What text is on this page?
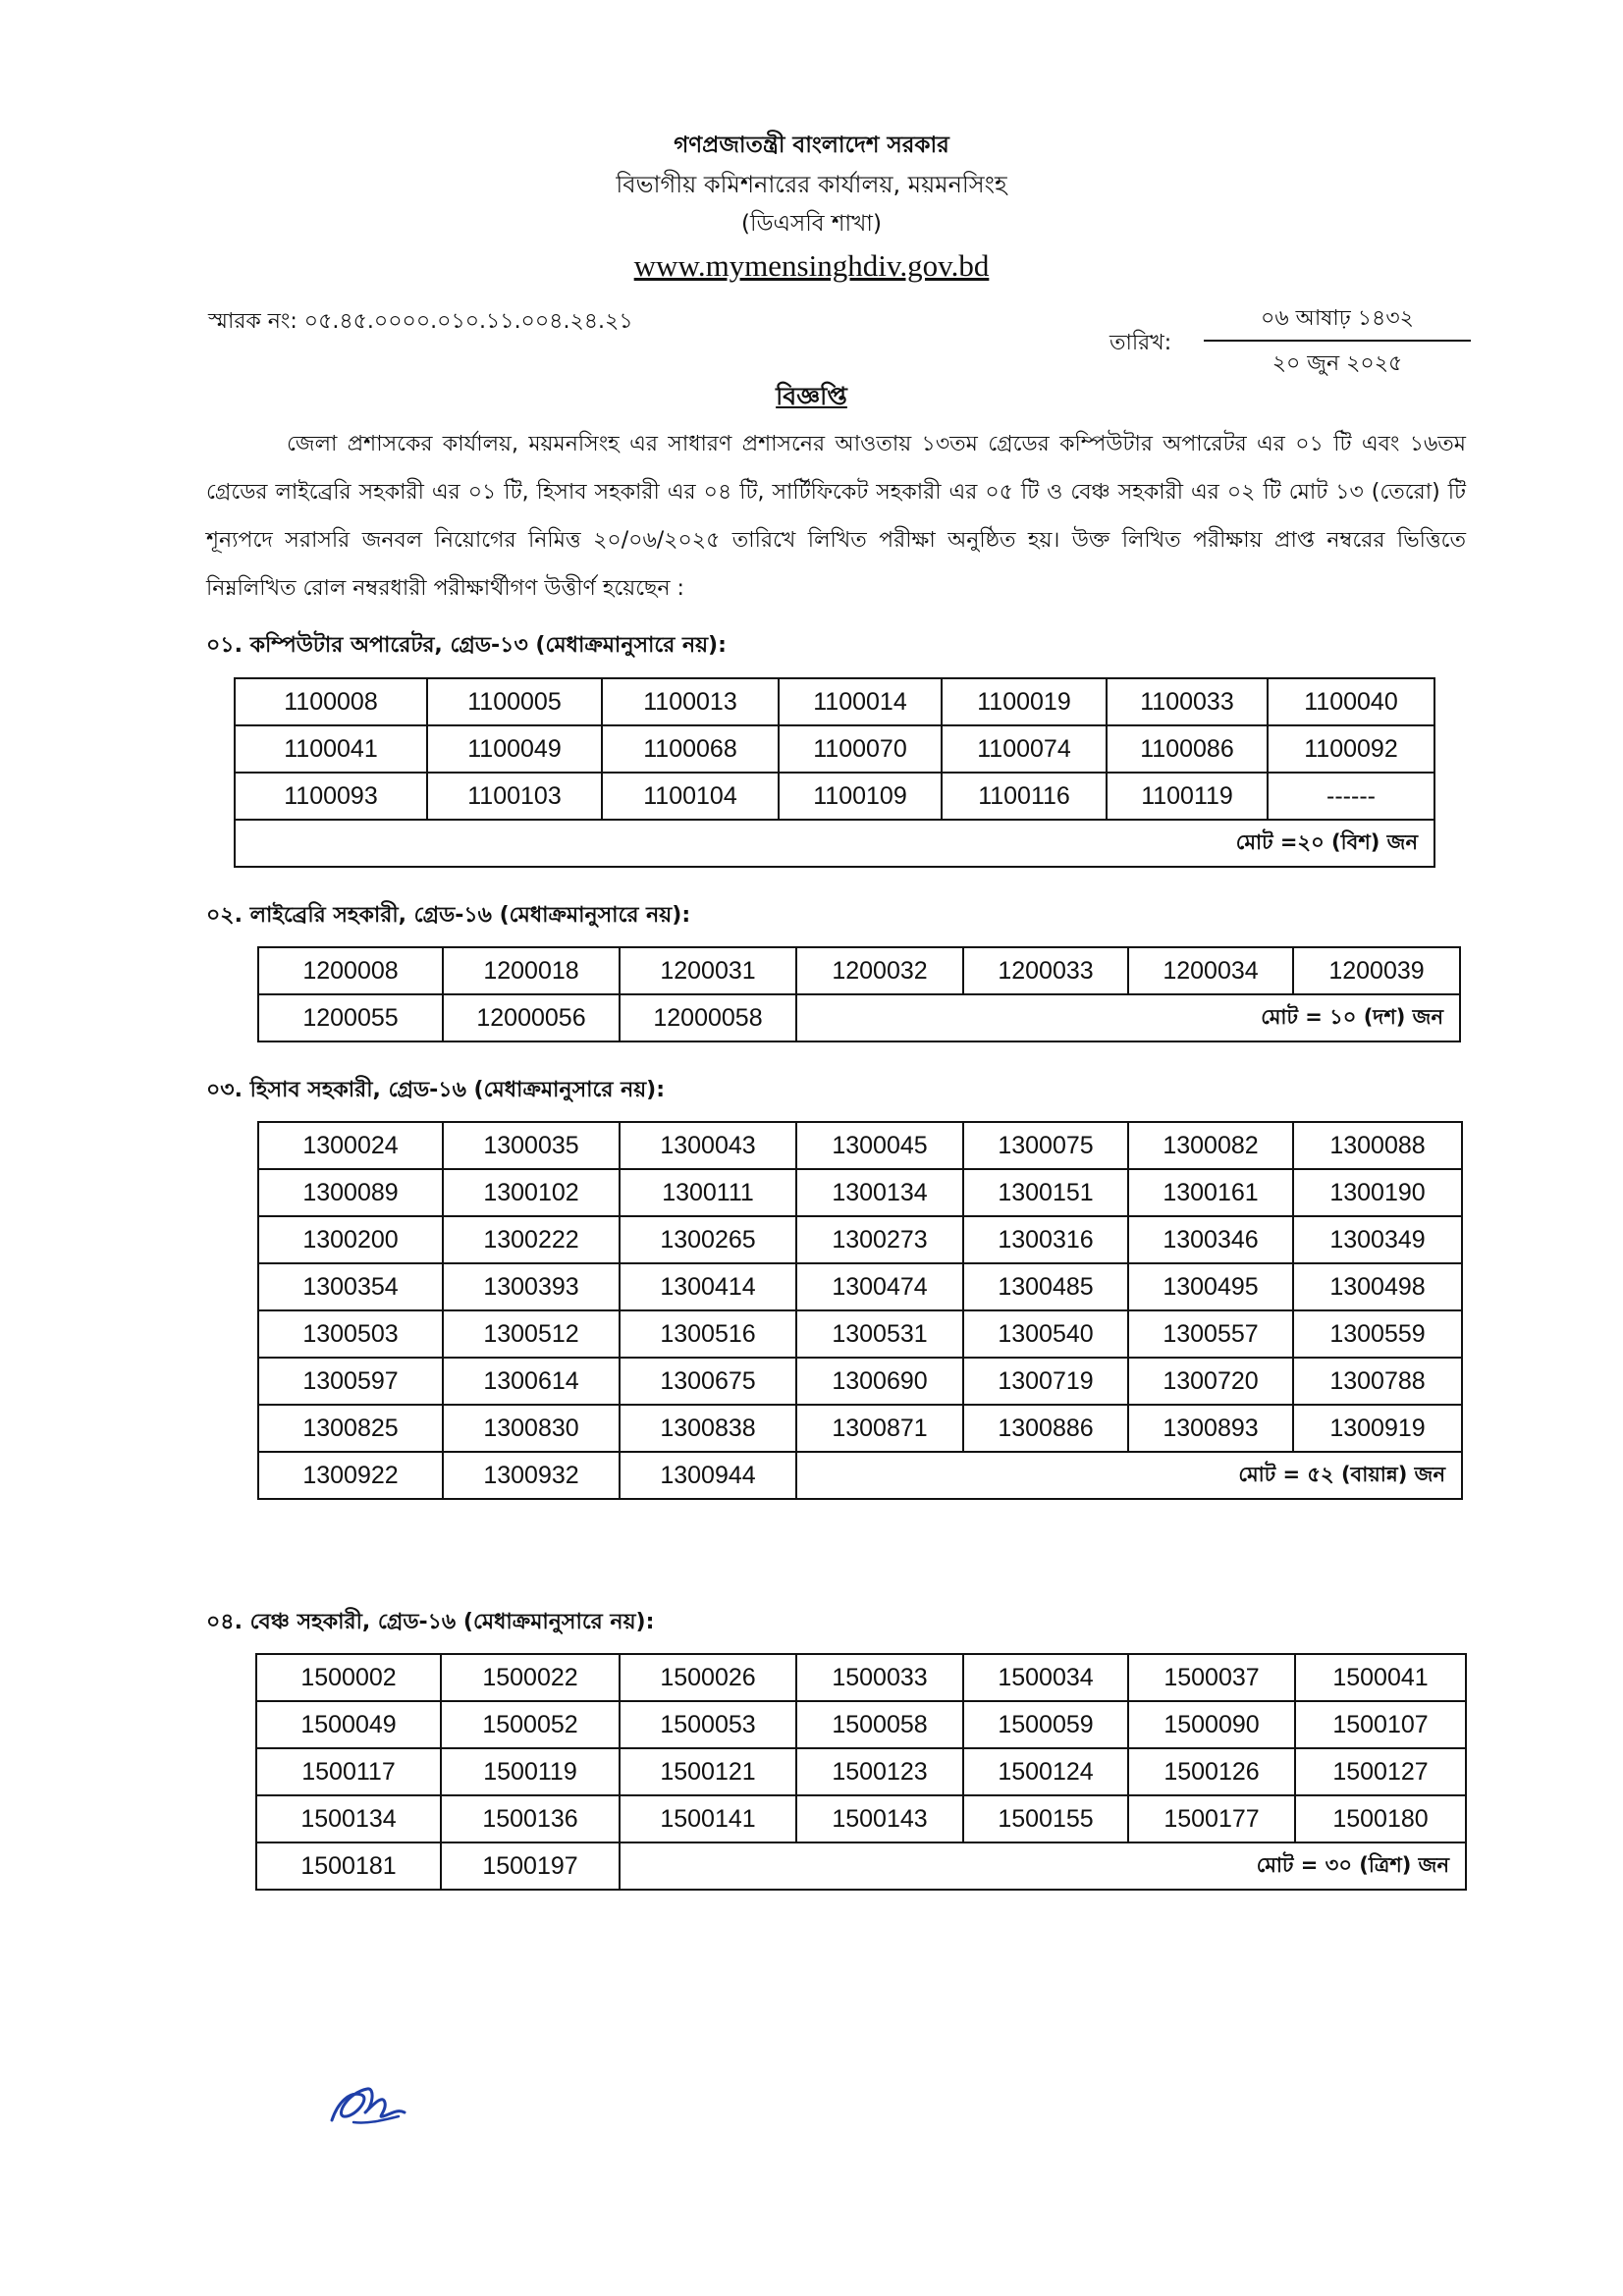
গণপ্রজাতন্ত্রী বাংলাদেশ সরকার
বিভাগীয় কমিশনারের কার্যালয়, ময়মনসিংহ
(ডিএসবি শাখা)
www.mymensinghdiv.gov.bd
স্মারক নং: ০৫.৪৫.০০০০.০১০.১১.০০৪.২৪.২১
তারিখ:
০৬ আষাঢ় ১৪৩২
২০ জুন ২০২৫
বিজ্ঞপ্তি
জেলা প্রশাসকের কার্যালয়, ময়মনসিংহ এর সাধারণ প্রশাসনের আওতায় ১৩তম গ্রেডের কম্পিউটার অপারেটর এর ০১ টি এবং ১৬তম গ্রেডের লাইব্রেরি সহকারী এর ০১ টি, হিসাব সহকারী এর ০৪ টি, সার্টিফিকেট সহকারী এর ০৫ টি ও বেঞ্চ সহকারী এর ০২ টি মোট ১৩ (তেরো) টি শূন্যপদে সরাসরি জনবল নিয়োগের নিমিত্ত ২০/০৬/২০২৫ তারিখে লিখিত পরীক্ষা অনুষ্ঠিত হয়। উক্ত লিখিত পরীক্ষায় প্রাপ্ত নম্বরের ভিত্তিতে নিম্নলিখিত রোল নম্বরধারী পরীক্ষার্থীগণ উত্তীর্ণ হয়েছেন :
০১. কম্পিউটার অপারেটর, গ্রেড-১৩ (মেধাক্রমানুসারে নয়):
1100008	1100005	1100013	1100014	1100019	1100033	1100040
1100041	1100049	1100068	1100070	1100074	1100086	1100092
1100093	1100103	1100104	1100109	1100116	1100119	------
মোট =২০ (বিশ) জন						
০২. লাইব্রেরি সহকারী, গ্রেড-১৬ (মেধাক্রমানুসারে নয়):
1200008	1200018	1200031	1200032	1200033	1200034	1200039
1200055	12000056	12000058	মোট = ১০ (দশ) জন			
০৩. হিসাব সহকারী, গ্রেড-১৬ (মেধাক্রমানুসারে নয়):
1300024	1300035	1300043	1300045	1300075	1300082	1300088
1300089	1300102	1300111	1300134	1300151	1300161	1300190
1300200	1300222	1300265	1300273	1300316	1300346	1300349
1300354	1300393	1300414	1300474	1300485	1300495	1300498
1300503	1300512	1300516	1300531	1300540	1300557	1300559
1300597	1300614	1300675	1300690	1300719	1300720	1300788
1300825	1300830	1300838	1300871	1300886	1300893	1300919
1300922	1300932	1300944	মোট = ৫২ (বায়ান্ন) জন			
০৪. বেঞ্চ সহকারী, গ্রেড-১৬ (মেধাক্রমানুসারে নয়):
1500002	1500022	1500026	1500033	1500034	1500037	1500041
1500049	1500052	1500053	1500058	1500059	1500090	1500107
1500117	1500119	1500121	1500123	1500124	1500126	1500127
1500134	1500136	1500141	1500143	1500155	1500177	1500180
1500181	1500197	মোট = ৩০ (ত্রিশ) জন				
